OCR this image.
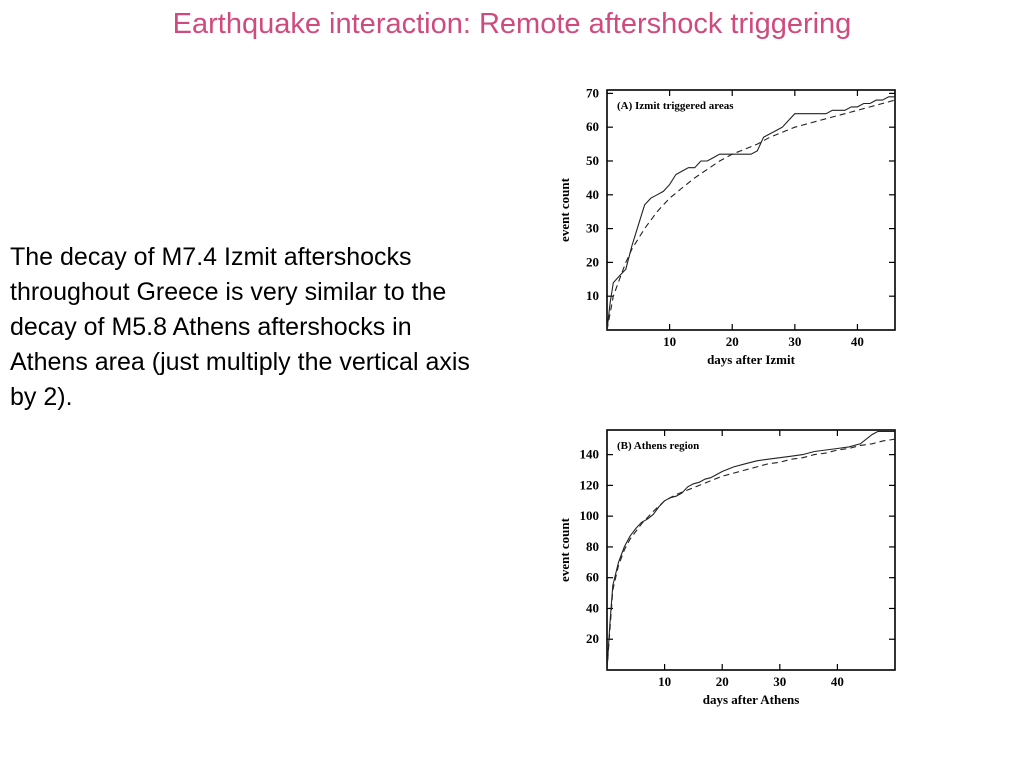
Earthquake interaction: Remote aftershock triggering
The decay of M7.4 Izmit aftershocks throughout Greece is very similar to the decay of M5.8 Athens aftershocks in Athens area (just multiply the vertical axis by 2).
10
20
30
40
50
60
70
10	20	30	40
days after Izmit
event count
(A) Izmit triggered areas
20
40
60
80
100
120
140
10	20	30	40
days after Athens
event count
(B) Athens region
